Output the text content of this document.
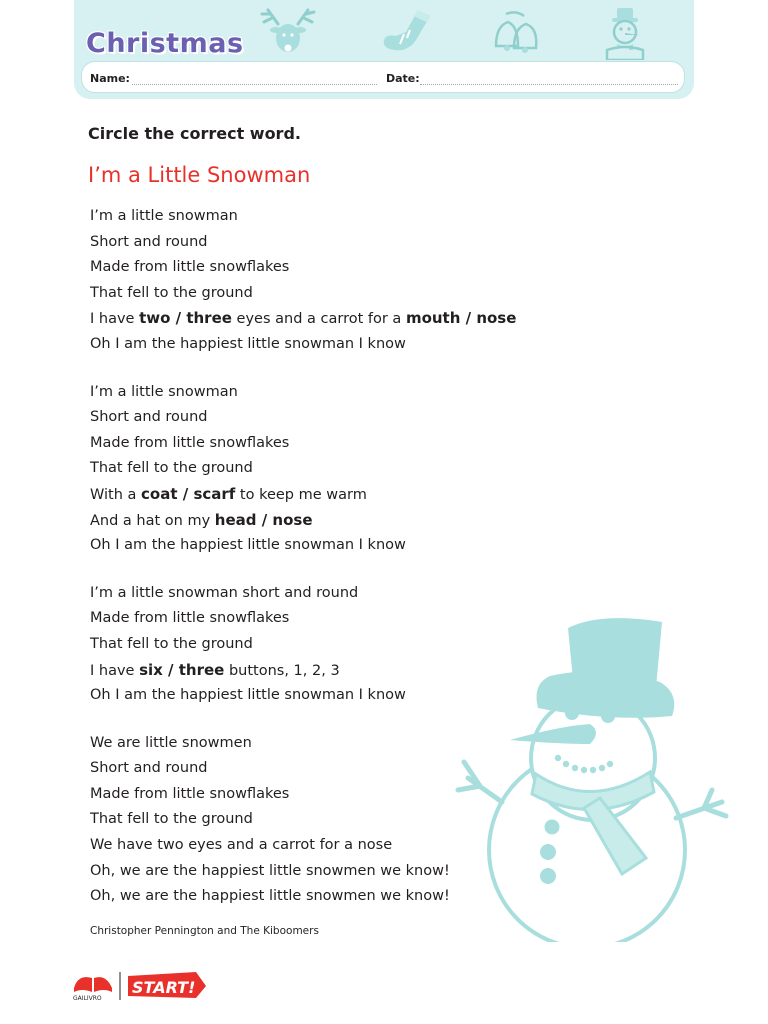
Christmas
Name:	Date:
Circle the correct word.
I’m a Little Snowman
I’m a little snowman
Short and round
Made from little snowflakes
That fell to the ground
I have two / three eyes and a carrot for a mouth / nose
Oh I am the happiest little snowman I know
I’m a little snowman
Short and round
Made from little snowflakes
That fell to the ground
With a coat / scarf to keep me warm
And a hat on my head / nose
Oh I am the happiest little snowman I know
I’m a little snowman short and round
Made from little snowflakes
That fell to the ground
I have six / three buttons, 1, 2, 3
Oh I am the happiest little snowman I know
We are little snowmen
Short and round
Made from little snowflakes
That fell to the ground
We have two eyes and a carrot for a nose
Oh, we are the happiest little snowmen we know!
Oh, we are the happiest little snowmen we know!
Christopher Pennington and The Kiboomers
GAILIVRO
START!
